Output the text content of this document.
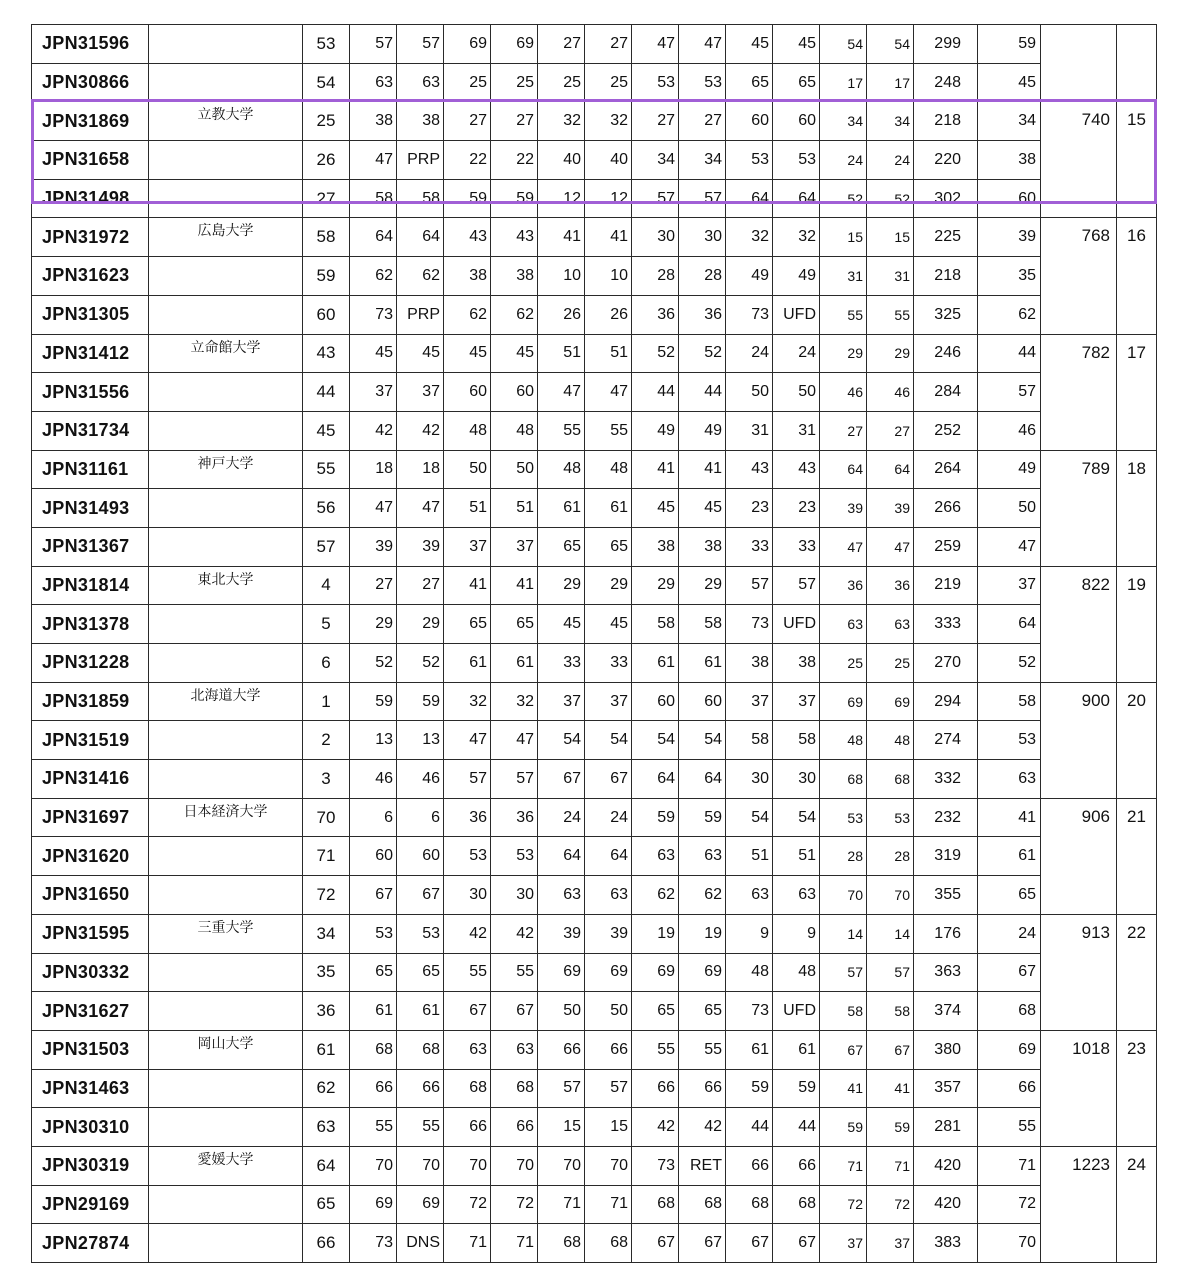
JPN31596		53	57	57	69	69	27	27	47	47	45	45	54	54	299	59		
JPN30866		54	63	63	25	25	25	25	53	53	65	65	17	17	248	45		
JPN31869	立教大学	25	38	38	27	27	32	32	27	27	60	60	34	34	218	34	740	15
JPN31658		26	47	PRP	22	22	40	40	34	34	53	53	24	24	220	38		
JPN31498		27	58	58	59	59	12	12	57	57	64	64	52	52	302	60		
JPN31972	広島大学	58	64	64	43	43	41	41	30	30	32	32	15	15	225	39	768	16
JPN31623		59	62	62	38	38	10	10	28	28	49	49	31	31	218	35		
JPN31305		60	73	PRP	62	62	26	26	36	36	73	UFD	55	55	325	62		
JPN31412	立命館大学	43	45	45	45	45	51	51	52	52	24	24	29	29	246	44	782	17
JPN31556		44	37	37	60	60	47	47	44	44	50	50	46	46	284	57		
JPN31734		45	42	42	48	48	55	55	49	49	31	31	27	27	252	46		
JPN31161	神戸大学	55	18	18	50	50	48	48	41	41	43	43	64	64	264	49	789	18
JPN31493		56	47	47	51	51	61	61	45	45	23	23	39	39	266	50		
JPN31367		57	39	39	37	37	65	65	38	38	33	33	47	47	259	47		
JPN31814	東北大学	4	27	27	41	41	29	29	29	29	57	57	36	36	219	37	822	19
JPN31378		5	29	29	65	65	45	45	58	58	73	UFD	63	63	333	64		
JPN31228		6	52	52	61	61	33	33	61	61	38	38	25	25	270	52		
JPN31859	北海道大学	1	59	59	32	32	37	37	60	60	37	37	69	69	294	58	900	20
JPN31519		2	13	13	47	47	54	54	54	54	58	58	48	48	274	53		
JPN31416		3	46	46	57	57	67	67	64	64	30	30	68	68	332	63		
JPN31697	日本経済大学	70	6	6	36	36	24	24	59	59	54	54	53	53	232	41	906	21
JPN31620		71	60	60	53	53	64	64	63	63	51	51	28	28	319	61		
JPN31650		72	67	67	30	30	63	63	62	62	63	63	70	70	355	65		
JPN31595	三重大学	34	53	53	42	42	39	39	19	19	9	9	14	14	176	24	913	22
JPN30332		35	65	65	55	55	69	69	69	69	48	48	57	57	363	67		
JPN31627		36	61	61	67	67	50	50	65	65	73	UFD	58	58	374	68		
JPN31503	岡山大学	61	68	68	63	63	66	66	55	55	61	61	67	67	380	69	1018	23
JPN31463		62	66	66	68	68	57	57	66	66	59	59	41	41	357	66		
JPN30310		63	55	55	66	66	15	15	42	42	44	44	59	59	281	55		
JPN30319	愛媛大学	64	70	70	70	70	70	70	73	RET	66	66	71	71	420	71	1223	24
JPN29169		65	69	69	72	72	71	71	68	68	68	68	72	72	420	72		
JPN27874		66	73	DNS	71	71	68	68	67	67	67	67	37	37	383	70		
